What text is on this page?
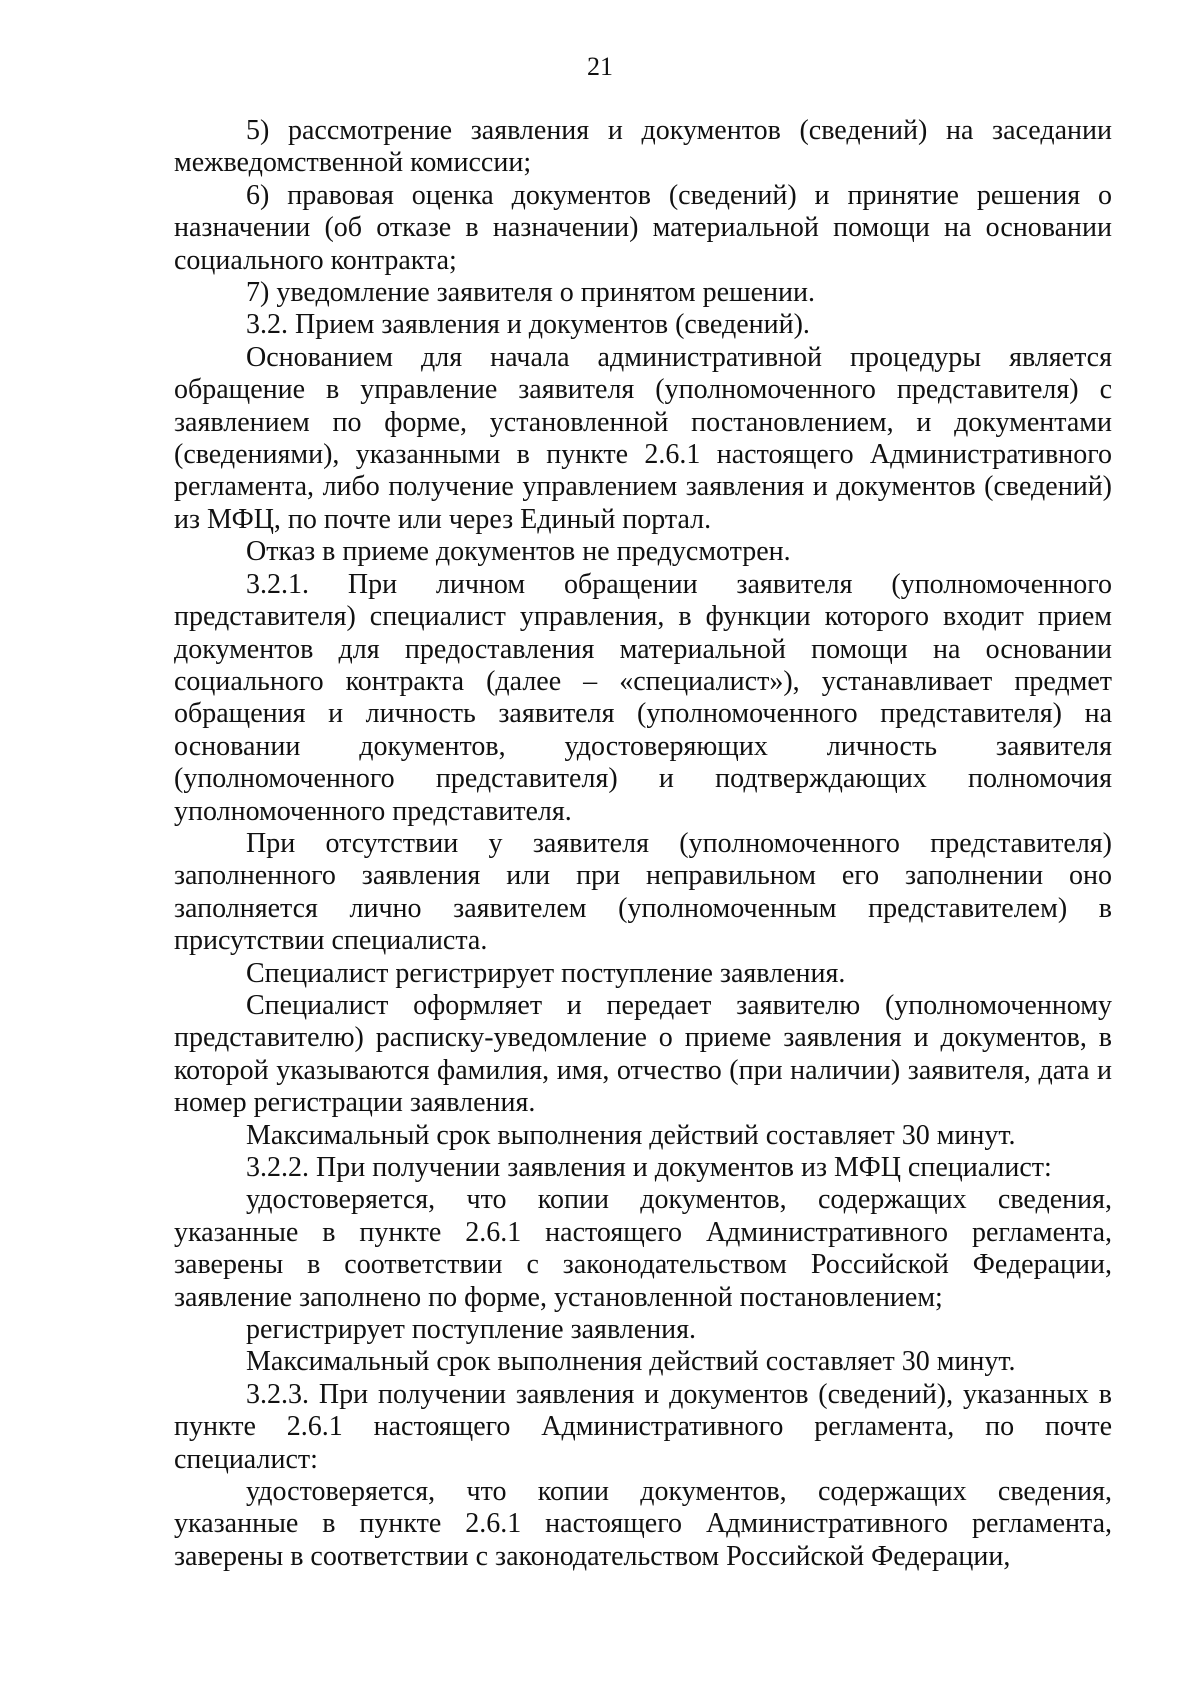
21

5) рассмотрение заявления и документов (сведений) на заседании межведомственной комиссии;

6) правовая оценка документов (сведений) и принятие решения о назначении (об отказе в назначении) материальной помощи на основании социального контракта;

7) уведомление заявителя о принятом решении.

3.2. Прием заявления и документов (сведений).

Основанием для начала административной процедуры является обращение в управление заявителя (уполномоченного представителя) с заявлением по форме, установленной постановлением, и документами (сведениями), указанными в пункте 2.6.1 настоящего Административного регламента, либо получение управлением заявления и документов (сведений) из МФЦ, по почте или через Единый портал.

Отказ в приеме документов не предусмотрен.

3.2.1. При личном обращении заявителя (уполномоченного представителя) специалист управления, в функции которого входит прием документов для предоставления материальной помощи на основании социального контракта (далее – «специалист»), устанавливает предмет обращения и личность заявителя (уполномоченного представителя) на основании документов, удостоверяющих личность заявителя (уполномоченного представителя) и подтверждающих полномочия уполномоченного представителя.

При отсутствии у заявителя (уполномоченного представителя) заполненного заявления или при неправильном его заполнении оно заполняется лично заявителем (уполномоченным представителем) в присутствии специалиста.

Специалист регистрирует поступление заявления.

Специалист оформляет и передает заявителю (уполномоченному представителю) расписку-уведомление о приеме заявления и документов, в которой указываются фамилия, имя, отчество (при наличии) заявителя, дата и номер регистрации заявления.

Максимальный срок выполнения действий составляет 30 минут.

3.2.2. При получении заявления и документов из МФЦ специалист:

удостоверяется, что копии документов, содержащих сведения, указанные в пункте 2.6.1 настоящего Административного регламента, заверены в соответствии с законодательством Российской Федерации, заявление заполнено по форме, установленной постановлением;

регистрирует поступление заявления.

Максимальный срок выполнения действий составляет 30 минут.

3.2.3. При получении заявления и документов (сведений), указанных в пункте 2.6.1 настоящего Административного регламента, по почте специалист:

удостоверяется, что копии документов, содержащих сведения, указанные в пункте 2.6.1 настоящего Административного регламента, заверены в соответствии с законодательством Российской Федерации,
